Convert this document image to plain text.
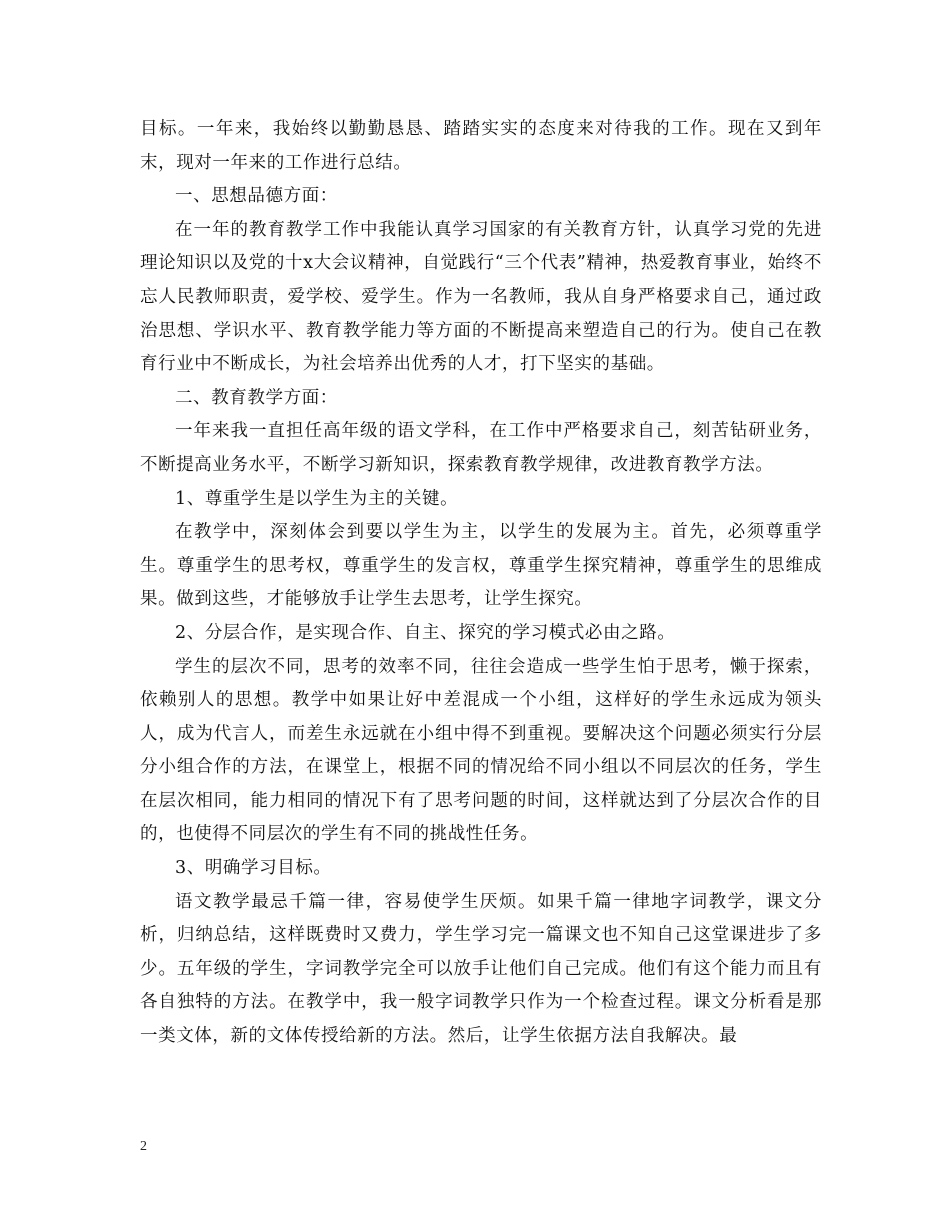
目标。一年来，我始终以勤勤恳恳、踏踏实实的态度来对待我的工作。现在又到年末，现对一年来的工作进行总结。

一、思想品德方面：

在一年的教育教学工作中我能认真学习国家的有关教育方针，认真学习党的先进理论知识以及党的十x大会议精神，自觉践行“三个代表”精神，热爱教育事业，始终不忘人民教师职责，爱学校、爱学生。作为一名教师，我从自身严格要求自己，通过政治思想、学识水平、教育教学能力等方面的不断提高来塑造自己的行为。使自己在教育行业中不断成长，为社会培养出优秀的人才，打下坚实的基础。

二、教育教学方面：

一年来我一直担任高年级的语文学科，在工作中严格要求自己，刻苦钻研业务，不断提高业务水平，不断学习新知识，探索教育教学规律，改进教育教学方法。

1、尊重学生是以学生为主的关键。

在教学中，深刻体会到要以学生为主，以学生的发展为主。首先，必须尊重学生。尊重学生的思考权，尊重学生的发言权，尊重学生探究精神，尊重学生的思维成果。做到这些，才能够放手让学生去思考，让学生探究。

2、分层合作，是实现合作、自主、探究的学习模式必由之路。

学生的层次不同，思考的效率不同，往往会造成一些学生怕于思考，懒于探索，依赖别人的思想。教学中如果让好中差混成一个小组，这样好的学生永远成为领头人，成为代言人，而差生永远就在小组中得不到重视。要解决这个问题必须实行分层分小组合作的方法，在课堂上，根据不同的情况给不同小组以不同层次的任务，学生在层次相同，能力相同的情况下有了思考问题的时间，这样就达到了分层次合作的目的，也使得不同层次的学生有不同的挑战性任务。

3、明确学习目标。

语文教学最忌千篇一律，容易使学生厌烦。如果千篇一律地字词教学，课文分析，归纳总结，这样既费时又费力，学生学习完一篇课文也不知自己这堂课进步了多少。五年级的学生，字词教学完全可以放手让他们自己完成。他们有这个能力而且有各自独特的方法。在教学中，我一般字词教学只作为一个检查过程。课文分析看是那一类文体，新的文体传授给新的方法。然后，让学生依据方法自我解决。最

2
